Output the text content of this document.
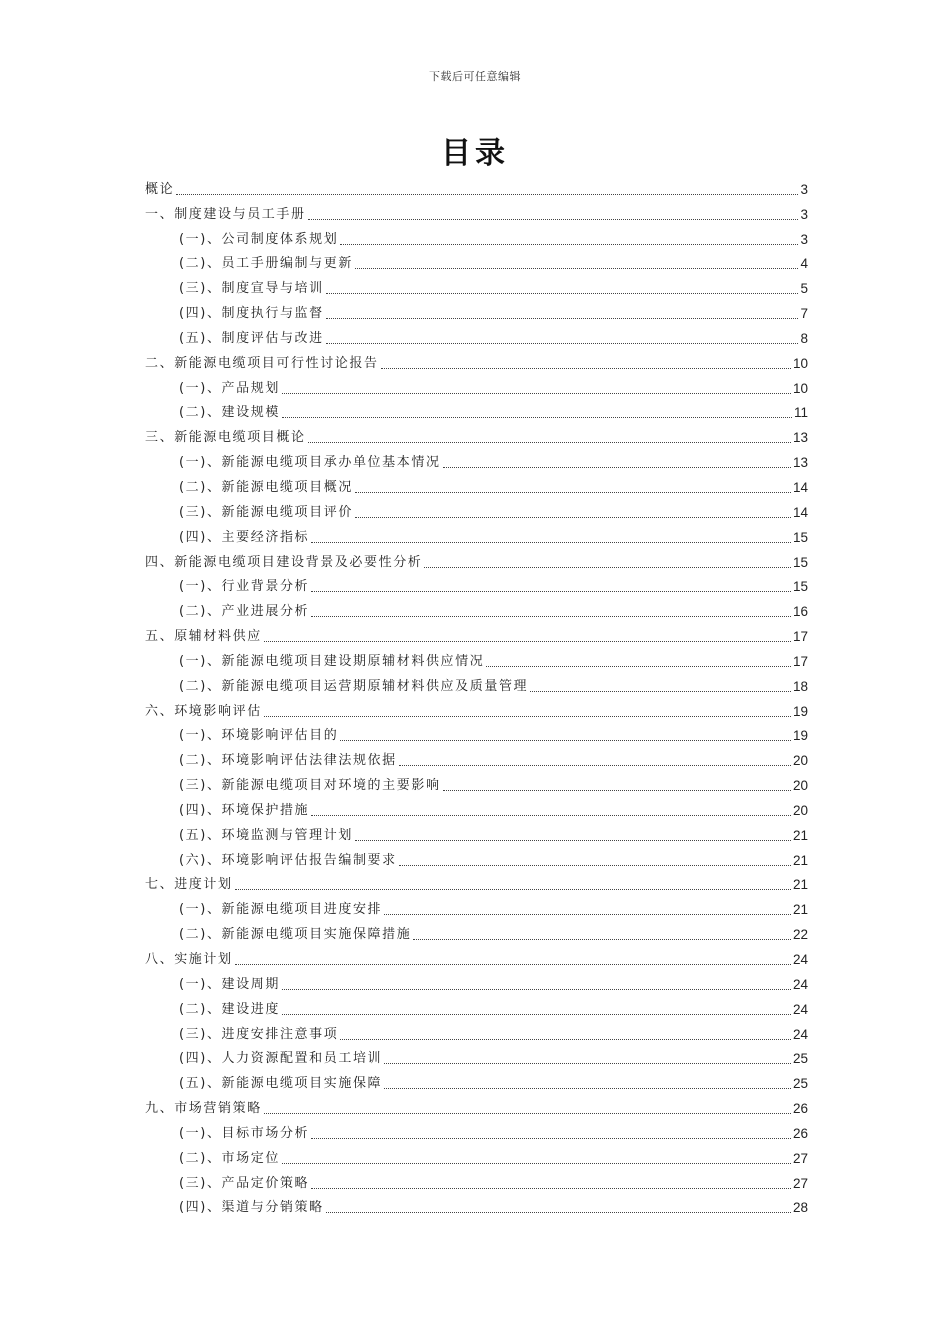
下载后可任意编辑
目录
概论	3
一、制度建设与员工手册	3
(一)、公司制度体系规划	3
(二)、员工手册编制与更新	4
(三)、制度宣导与培训	5
(四)、制度执行与监督	7
(五)、制度评估与改进	8
二、新能源电缆项目可行性讨论报告	10
(一)、产品规划	10
(二)、建设规模	11
三、新能源电缆项目概论	13
(一)、新能源电缆项目承办单位基本情况	13
(二)、新能源电缆项目概况	14
(三)、新能源电缆项目评价	14
(四)、主要经济指标	15
四、新能源电缆项目建设背景及必要性分析	15
(一)、行业背景分析	15
(二)、产业进展分析	16
五、原辅材料供应	17
(一)、新能源电缆项目建设期原辅材料供应情况	17
(二)、新能源电缆项目运营期原辅材料供应及质量管理	18
六、环境影响评估	19
(一)、环境影响评估目的	19
(二)、环境影响评估法律法规依据	20
(三)、新能源电缆项目对环境的主要影响	20
(四)、环境保护措施	20
(五)、环境监测与管理计划	21
(六)、环境影响评估报告编制要求	21
七、进度计划	21
(一)、新能源电缆项目进度安排	21
(二)、新能源电缆项目实施保障措施	22
八、实施计划	24
(一)、建设周期	24
(二)、建设进度	24
(三)、进度安排注意事项	24
(四)、人力资源配置和员工培训	25
(五)、新能源电缆项目实施保障	25
九、市场营销策略	26
(一)、目标市场分析	26
(二)、市场定位	27
(三)、产品定价策略	27
(四)、渠道与分销策略	28
